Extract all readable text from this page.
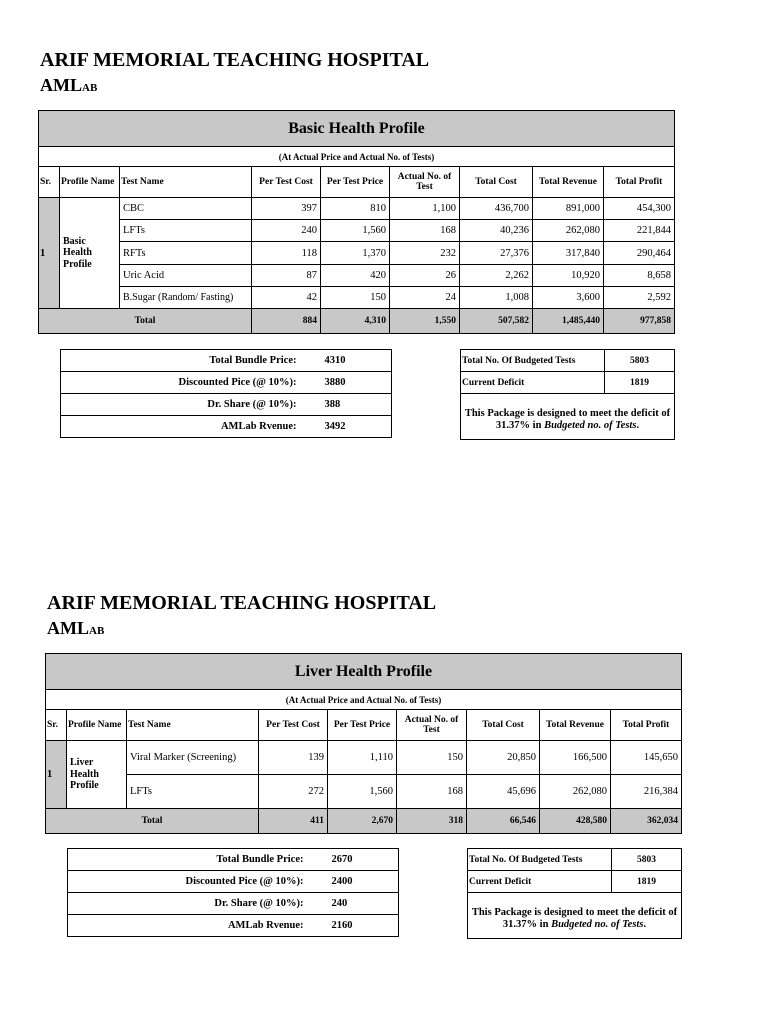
ARIF MEMORIAL TEACHING HOSPITAL
AMLAB
Basic Health Profile								
(At Actual Price and Actual No. of Tests)								
Sr.	Profile Name	Test Name	Per Test Cost	Per Test Price	Actual No. of Test	Total Cost	Total Revenue	Total Profit
1	Basic Health Profile	CBC	397	810	1,100	436,700	891,000	454,300
		LFTs	240	1,560	168	40,236	262,080	221,844
		RFTs	118	1,370	232	27,376	317,840	290,464
		Uric Acid	87	420	26	2,262	10,920	8,658
		B.Sugar (Random/ Fasting)	42	150	24	1,008	3,600	2,592
Total			884	4,310	1,550	507,582	1,485,440	977,858
Total Bundle Price:	4310
Discounted Pice (@ 10%):	3880
Dr. Share (@ 10%):	388
AMLab Rvenue:	3492
Total No. Of Budgeted Tests	5803
Current Deficit	1819
This Package is designed to meet the deficit of 31.37% in Budgeted no. of Tests.	
ARIF MEMORIAL TEACHING HOSPITAL
AMLAB
Liver Health Profile								
(At Actual Price and Actual No. of Tests)								
Sr.	Profile Name	Test Name	Per Test Cost	Per Test Price	Actual No. of Test	Total Cost	Total Revenue	Total Profit
1	Liver Health Profile	Viral Marker (Screening)	139	1,110	150	20,850	166,500	145,650
		LFTs	272	1,560	168	45,696	262,080	216,384
Total			411	2,670	318	66,546	428,580	362,034
Total Bundle Price:	2670
Discounted Pice (@ 10%):	2400
Dr. Share (@ 10%):	240
AMLab Rvenue:	2160
Total No. Of Budgeted Tests	5803
Current Deficit	1819
This Package is designed to meet the deficit of 31.37% in Budgeted no. of Tests.	
